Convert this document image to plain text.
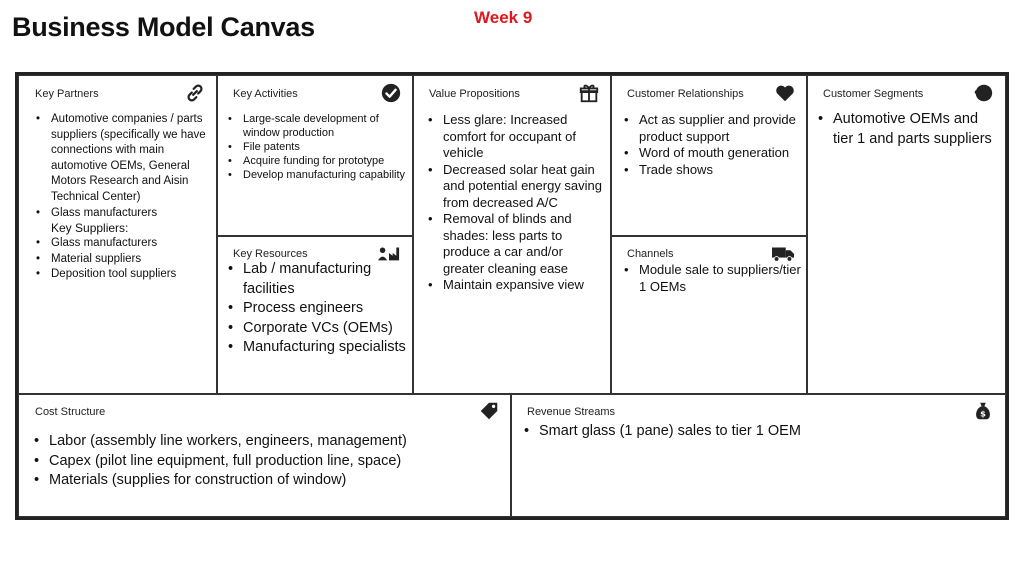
Business Model Canvas	Week 9
Key Partners
• Automotive companies / parts suppliers (specifically we have connections with main automotive OEMs, General Motors Research and Aisin Technical Center)
• Glass manufacturers
Key Suppliers:
• Glass manufacturers
• Material suppliers
• Deposition tool suppliers
Key Activities
• Large-scale development of window production
• File patents
• Acquire funding for prototype
• Develop manufacturing capability
Key Resources
• Lab / manufacturing facilities
• Process engineers
• Corporate VCs (OEMs)
• Manufacturing specialists
Value Propositions
• Less glare: Increased comfort for occupant of vehicle
• Decreased solar heat gain and potential energy saving from decreased A/C
• Removal of blinds and shades: less parts to produce a car and/or greater cleaning ease
• Maintain expansive view
Customer Relationships
• Act as supplier and provide product support
• Word of mouth generation
• Trade shows
Channels
• Module sale to suppliers/tier 1 OEMs
Customer Segments
• Automotive OEMs and tier 1 and parts suppliers
Cost Structure
• Labor (assembly line workers, engineers, management)
• Capex (pilot line equipment, full production line, space)
• Materials (supplies for construction of window)
Revenue Streams	$
• Smart glass (1 pane) sales to tier 1 OEM
